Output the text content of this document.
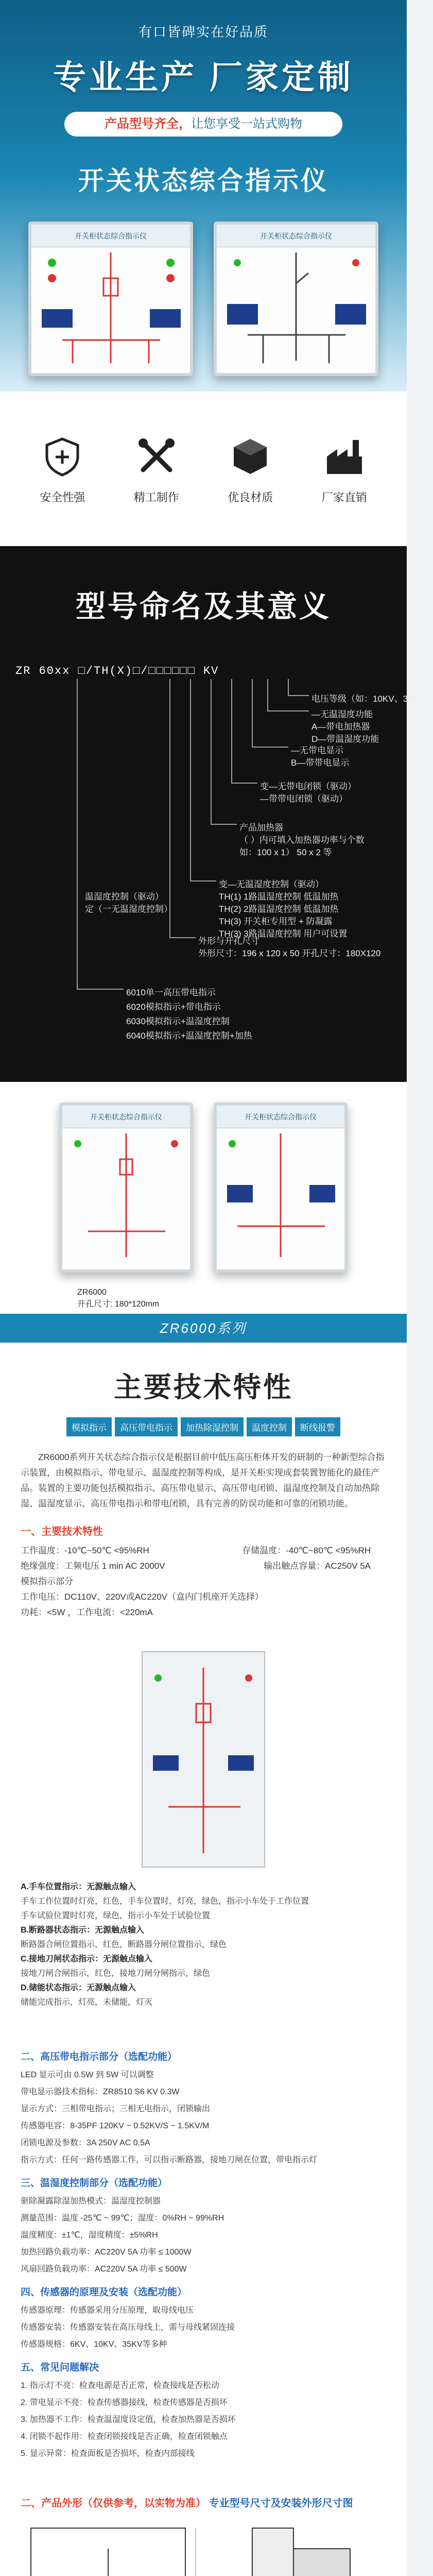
有口皆碑实在好品质
专业生产 厂家定制
产品型号齐全，让您享受一站式购物
开关状态综合指示仪
开关柜状态综合指示仪	开关柜状态综合指示仪
安全性强	精工制作	优良材质	厂家直销
型号命名及其意义
ZR 60xx □/TH(X)□/□□□□□□ KV
电压等级（如：10KV、35KV）
—无温湿度功能
A—带电加热器
D—带温湿度功能
—无带电显示
B—带带电显示
变—无带电闭锁（驱动）
—带带电闭锁（驱动）
产品加热器
（ ）内可填入加热器功率与个数
如：100 x 1） 50 x 2 等
变—无温湿度控制（驱动）
温湿度控制（驱动）
定（一无温湿度控制）
TH(1) 1路温湿度控制 低温加热
TH(2) 2路温湿度控制 低温加热
TH(3) 开关柜专用型 + 防凝露
TH(3) 3路温湿度控制 用户可设置
外形与开孔尺寸
外形尺寸：196 x 120 x 50 开孔尺寸：180X120
6010单一高压带电指示
6020模拟指示+带电指示
6030模拟指示+温湿度控制
6040模拟指示+温湿度控制+加热
开关柜状态综合指示仪	开关柜状态综合指示仪
ZR6000
开孔尺寸: 180*120mm
ZR6000系列
主要技术特性
模拟指示	高压带电指示	加热除湿控制	温度控制	断线报警

ZR6000系列开关状态综合指示仪是根据目前中低压高压柜体开发的研制的一种新型综合指示装置，由模拟指示、带电显示、温湿度控制等构成，是开关柜实现成套装置智能化的最佳产品。装置的主要功能包括模拟指示、高压带电显示、高压带电闭锁、温湿度控制及自动加热除湿、温湿度显示、高压带电指示和带电闭锁，具有完善的防误功能和可靠的闭锁功能。

一、主要技术特性
工作温度：-10℃~50℃ <95%RH	存储温度：-40℃~80℃ <95%RH
绝缘强度：工频电压 1 min AC 2000V	输出触点容量：AC250V 5A
模拟指示部分
工作电压：DC110V、220V或AC220V（盒内门机座开关选择）
功耗：<5W ，工作电流：<220mA
A.手车位置指示：无源触点输入
手车工作位置时灯亮，红色，手车位置时，灯亮，绿色，指示小车处于工作位置
手车试验位置时灯亮，绿色，指示小车处于试验位置
B.断路器状态指示：无源触点输入
断路器合闸位置指示，红色，断路器分闸位置指示，绿色
C.接地刀闸状态指示：无源触点输入
接地刀闸合闸指示，红色，接地刀闸分闸指示，绿色
D.储能状态指示：无源触点输入
储能完成指示，灯亮，未储能，灯灭
二、高压带电指示部分（选配功能）
LED 显示可由 0.5W 到 5W 可以调整
带电显示器技术指标：ZR8510 S6 KV 0.3W
显示方式：三相带电指示；三相无电指示，闭锁输出
传感器电容：8-35PF 120KV ~ 0.52KV/S ~ 1.5KV/M
闭锁电源及参数：3A 250V AC 0.5A
指示方式：任何一路传感器工作，可以指示断路器，接地刀闸在位置，带电指示灯
三、温湿度控制部分（选配功能）
驱除凝露除湿加热模式：温湿度控制器
测量范围：温度 -25℃ ~ 99℃；湿度：0%RH ~ 99%RH
温度精度：±1℃，湿度精度：±5%RH
加热回路负载功率：AC220V 5A 功率 ≤ 1000W
风扇回路负载功率：AC220V 5A 功率 ≤ 500W
四、传感器的原理及安装（选配功能）
传感器原理：传感器采用分压原理，取母线电压
传感器安装：传感器安装在高压母线上，需与母线紧固连接
传感器规格：6KV、10KV、35KV等多种
五、常见问题解决
1. 指示灯不亮：检查电源是否正常，检查接线是否松动
2. 带电显示不亮：检查传感器接线，检查传感器是否损坏
3. 加热器不工作：检查温湿度设定值，检查加热器是否损坏
4. 闭锁不起作用：检查闭锁接线是否正确，检查闭锁触点
5. 显示异常：检查面板是否损坏，检查内部接线
二、产品外形（仅供参考，以实物为准） 专业型号尺寸及安装外形尺寸图
